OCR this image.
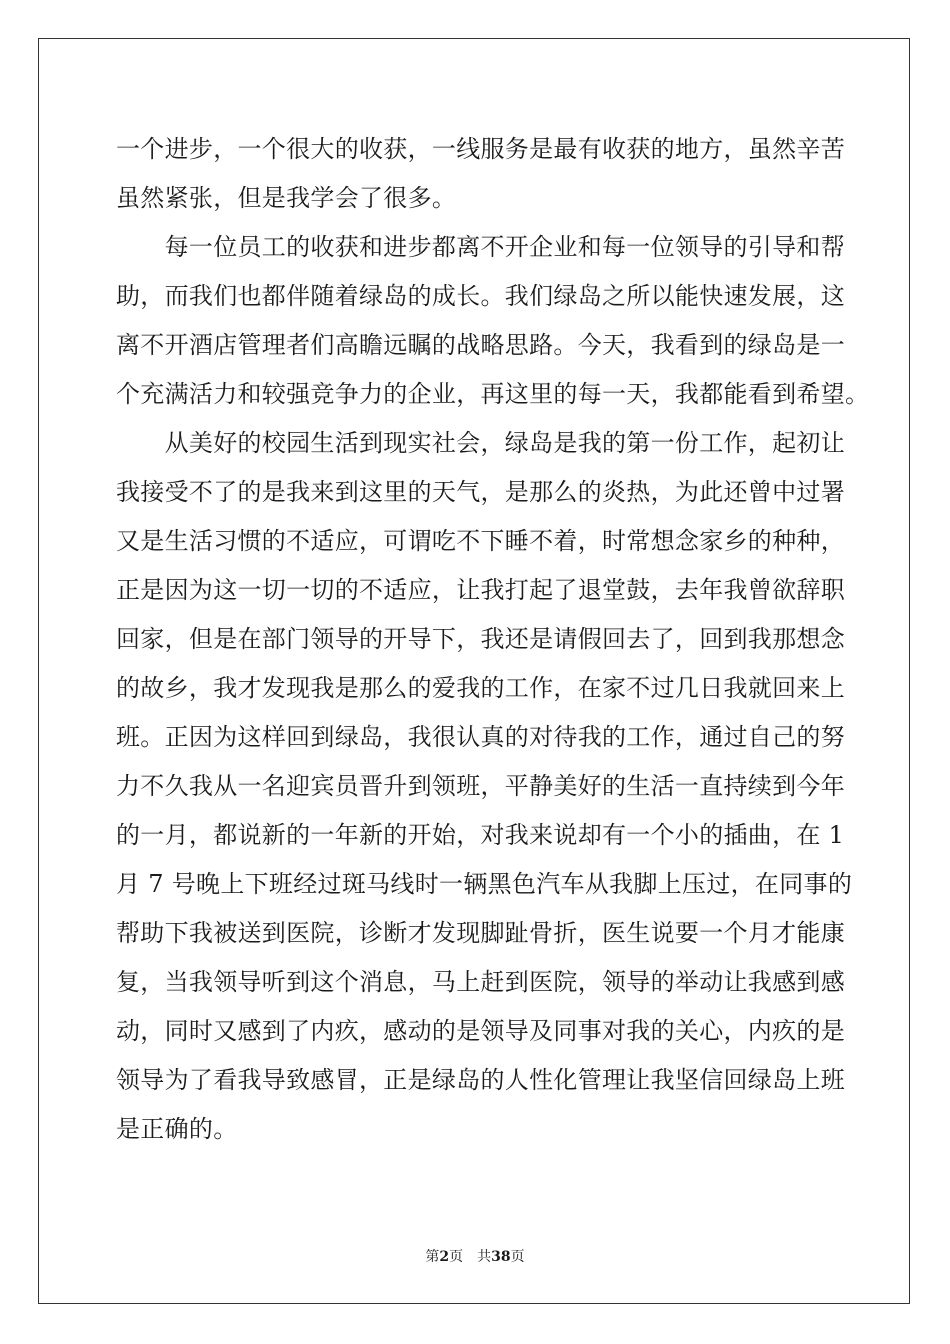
一个进步，一个很大的收获，一线服务是最有收获的地方，虽然辛苦
虽然紧张，但是我学会了很多。
　　每一位员工的收获和进步都离不开企业和每一位领导的引导和帮
助，而我们也都伴随着绿岛的成长。我们绿岛之所以能快速发展，这
离不开酒店管理者们高瞻远瞩的战略思路。今天，我看到的绿岛是一
个充满活力和较强竞争力的企业，再这里的每一天，我都能看到希望。
　　从美好的校园生活到现实社会，绿岛是我的第一份工作，起初让
我接受不了的是我来到这里的天气，是那么的炎热，为此还曾中过署
又是生活习惯的不适应，可谓吃不下睡不着，时常想念家乡的种种，
正是因为这一切一切的不适应，让我打起了退堂鼓，去年我曾欲辞职
回家，但是在部门领导的开导下，我还是请假回去了，回到我那想念
的故乡，我才发现我是那么的爱我的工作，在家不过几日我就回来上
班。正因为这样回到绿岛，我很认真的对待我的工作，通过自己的努
力不久我从一名迎宾员晋升到领班，平静美好的生活一直持续到今年
的一月，都说新的一年新的开始，对我来说却有一个小的插曲，在 1
月 7 号晚上下班经过斑马线时一辆黑色汽车从我脚上压过，在同事的
帮助下我被送到医院，诊断才发现脚趾骨折，医生说要一个月才能康
复，当我领导听到这个消息，马上赶到医院，领导的举动让我感到感
动，同时又感到了内疚，感动的是领导及同事对我的关心，内疚的是
领导为了看我导致感冒，正是绿岛的人性化管理让我坚信回绿岛上班
是正确的。
第2页　共38页
